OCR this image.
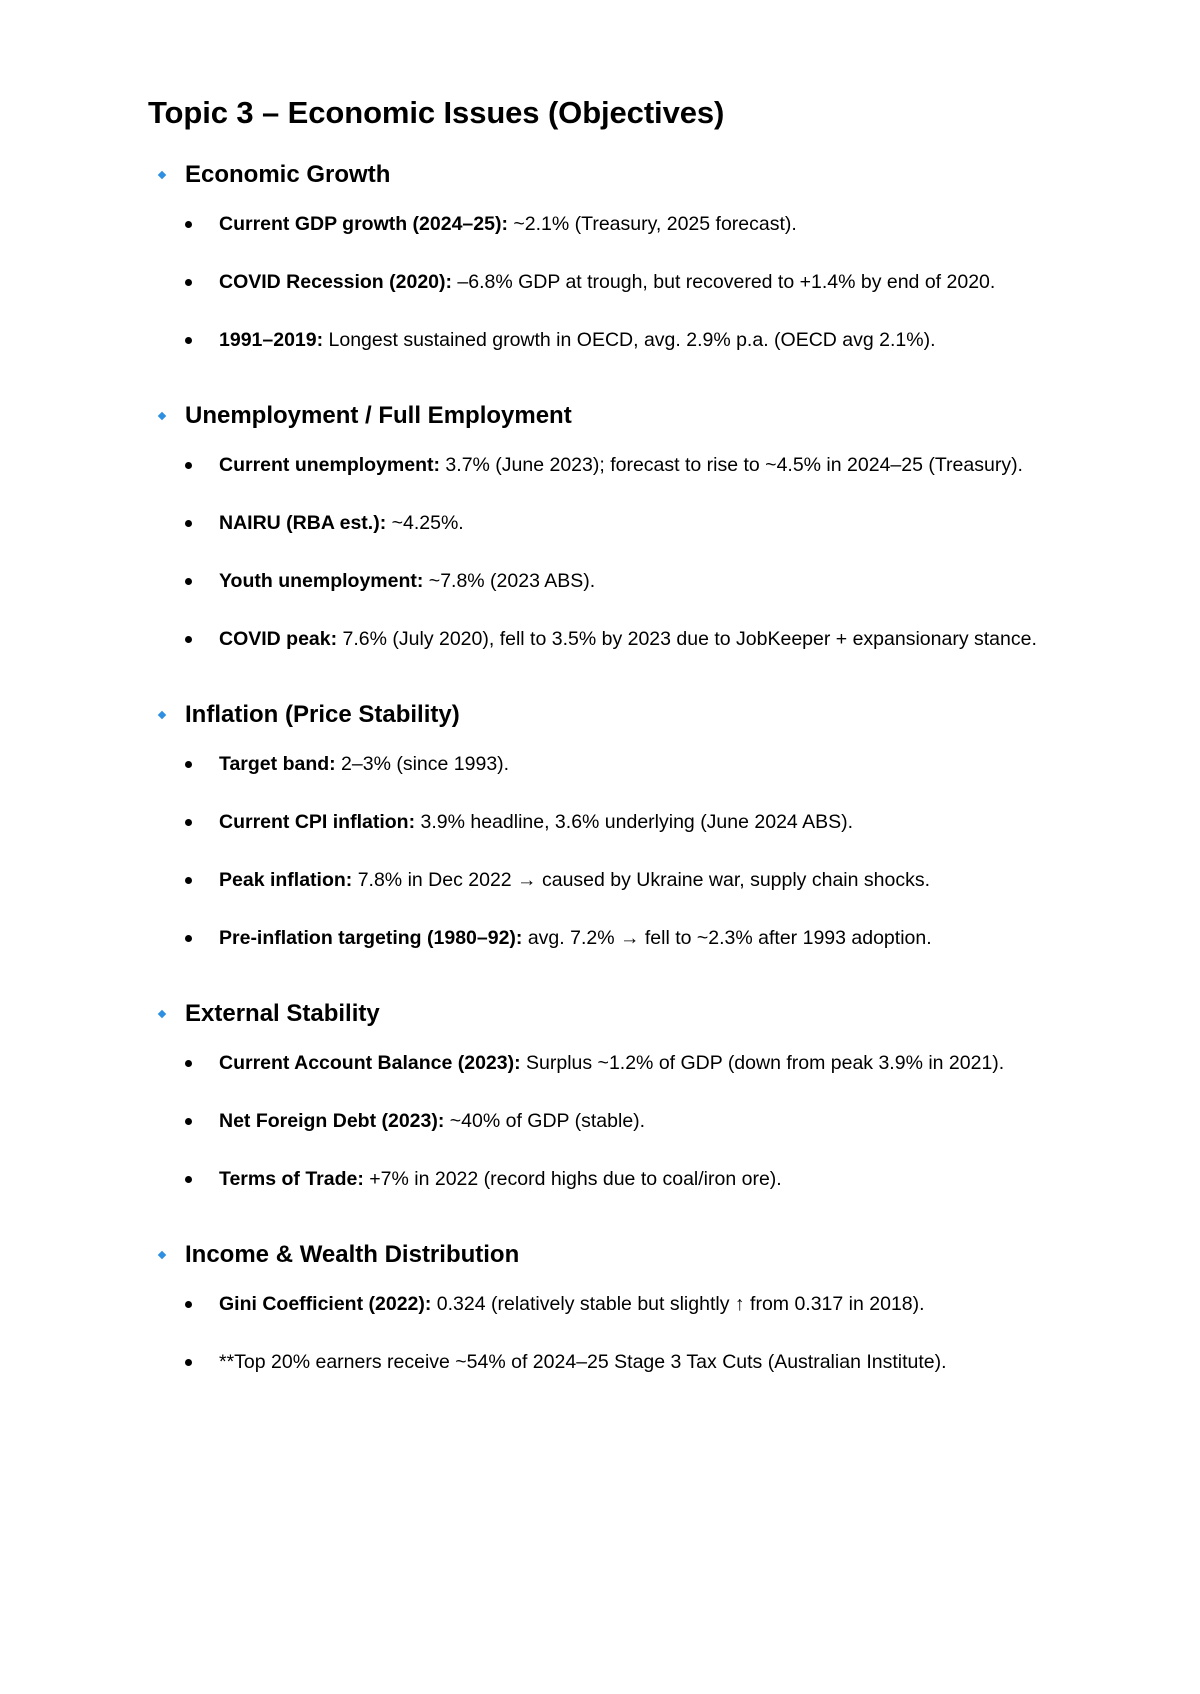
Topic 3 – Economic Issues (Objectives)
Economic Growth
Current GDP growth (2024–25): ~2.1% (Treasury, 2025 forecast).
COVID Recession (2020): –6.8% GDP at trough, but recovered to +1.4% by end of 2020.
1991–2019: Longest sustained growth in OECD, avg. 2.9% p.a. (OECD avg 2.1%).
Unemployment / Full Employment
Current unemployment: 3.7% (June 2023); forecast to rise to ~4.5% in 2024–25 (Treasury).
NAIRU (RBA est.): ~4.25%.
Youth unemployment: ~7.8% (2023 ABS).
COVID peak: 7.6% (July 2020), fell to 3.5% by 2023 due to JobKeeper + expansionary stance.
Inflation (Price Stability)
Target band: 2–3% (since 1993).
Current CPI inflation: 3.9% headline, 3.6% underlying (June 2024 ABS).
Peak inflation: 7.8% in Dec 2022 → caused by Ukraine war, supply chain shocks.
Pre-inflation targeting (1980–92): avg. 7.2% → fell to ~2.3% after 1993 adoption.
External Stability
Current Account Balance (2023): Surplus ~1.2% of GDP (down from peak 3.9% in 2021).
Net Foreign Debt (2023): ~40% of GDP (stable).
Terms of Trade: +7% in 2022 (record highs due to coal/iron ore).
Income & Wealth Distribution
Gini Coefficient (2022): 0.324 (relatively stable but slightly ↑ from 0.317 in 2018).
**Top 20% earners receive ~54% of 2024–25 Stage 3 Tax Cuts (Australian Institute).
